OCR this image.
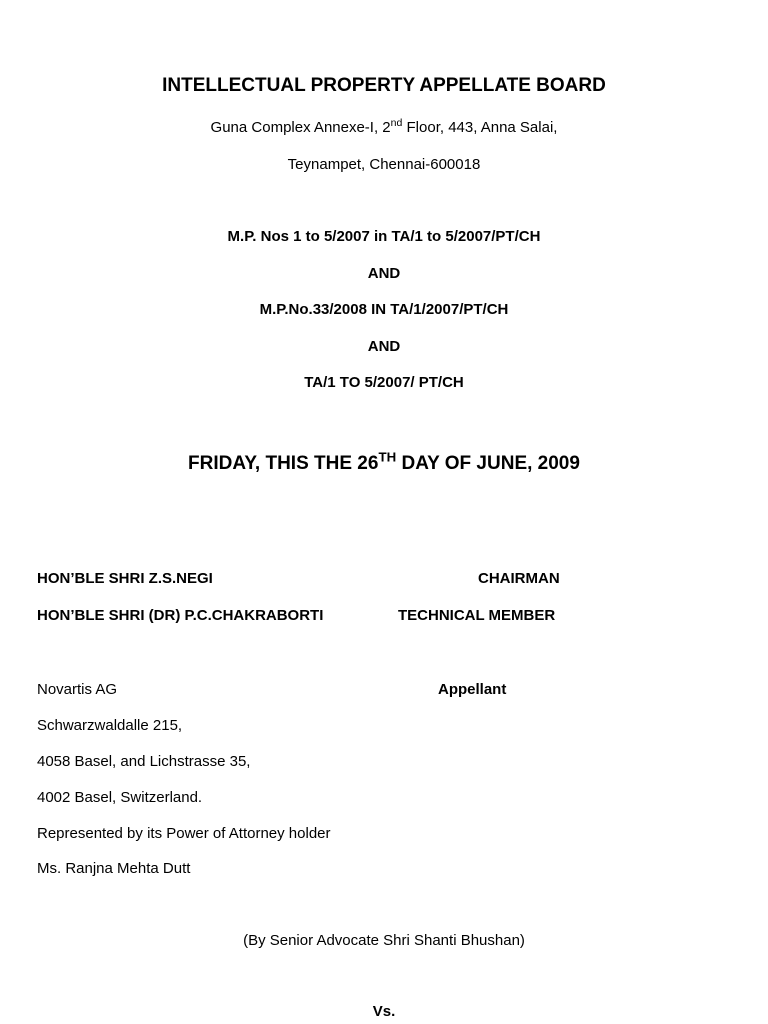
INTELLECTUAL PROPERTY APPELLATE BOARD
Guna Complex Annexe-I, 2nd Floor, 443, Anna Salai,
Teynampet, Chennai-600018
M.P. Nos 1 to 5/2007 in TA/1 to 5/2007/PT/CH
AND
M.P.No.33/2008 IN TA/1/2007/PT/CH
AND
TA/1 TO 5/2007/ PT/CH
FRIDAY, THIS THE 26TH DAY OF JUNE, 2009
HON’BLE SHRI Z.S.NEGI	CHAIRMAN
HON’BLE SHRI (DR) P.C.CHAKRABORTI	TECHNICAL MEMBER
Novartis AG	Appellant
Schwarzwaldalle 215,
4058 Basel, and Lichstrasse 35,
4002 Basel, Switzerland.
Represented by its Power of Attorney holder
Ms. Ranjna Mehta Dutt
(By Senior Advocate Shri Shanti Bhushan)
Vs.
